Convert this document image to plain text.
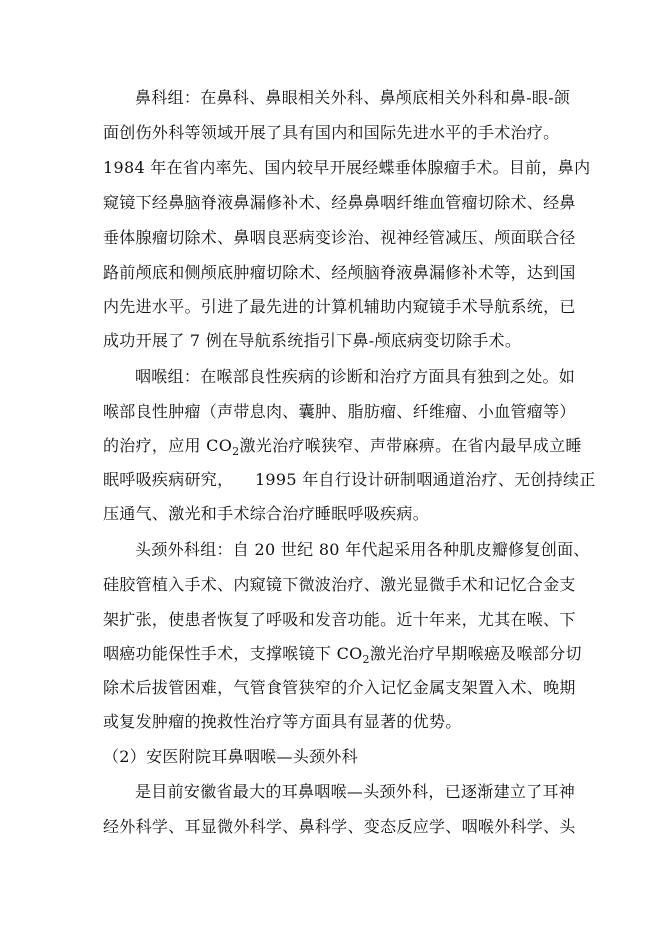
鼻科组：在鼻科、鼻眼相关外科、鼻颅底相关外科和鼻-眼-颌
面创伤外科等领域开展了具有国内和国际先进水平的手术治疗。
1984 年在省内率先、国内较早开展经蝶垂体腺瘤手术。目前，鼻内
窥镜下经鼻脑脊液鼻漏修补术、经鼻鼻咽纤维血管瘤切除术、经鼻
垂体腺瘤切除术、鼻咽良恶病变诊治、视神经管减压、颅面联合径
路前颅底和侧颅底肿瘤切除术、经颅脑脊液鼻漏修补术等，达到国
内先进水平。引进了最先进的计算机辅助内窥镜手术导航系统，已
成功开展了 7 例在导航系统指引下鼻-颅底病变切除手术。
咽喉组：在喉部良性疾病的诊断和治疗方面具有独到之处。如
喉部良性肿瘤（声带息肉、囊肿、脂肪瘤、纤维瘤、小血管瘤等）
的治疗，应用 $CO_2$激光治疗喉狭窄、声带麻痹。在省内最早成立睡
眠呼吸疾病研究，    1995 年自行设计研制咽通道治疗、无创持续正
压通气、激光和手术综合治疗睡眠呼吸疾病。
头颈外科组：自 20 世纪 80 年代起采用各种肌皮瓣修复创面、
硅胶管植入手术、内窥镜下微波治疗、激光显微手术和记忆合金支
架扩张，使患者恢复了呼吸和发音功能。近十年来，尤其在喉、下
咽癌功能保性手术，支撑喉镜下 $CO_2$激光治疗早期喉癌及喉部分切
除术后拔管困难，气管食管狭窄的介入记忆金属支架置入术、晚期
或复发肿瘤的挽救性治疗等方面具有显著的优势。
（2）安医附院耳鼻咽喉—头颈外科
是目前安徽省最大的耳鼻咽喉—头颈外科，已逐渐建立了耳神
经外科学、耳显微外科学、鼻科学、变态反应学、咽喉外科学、头
